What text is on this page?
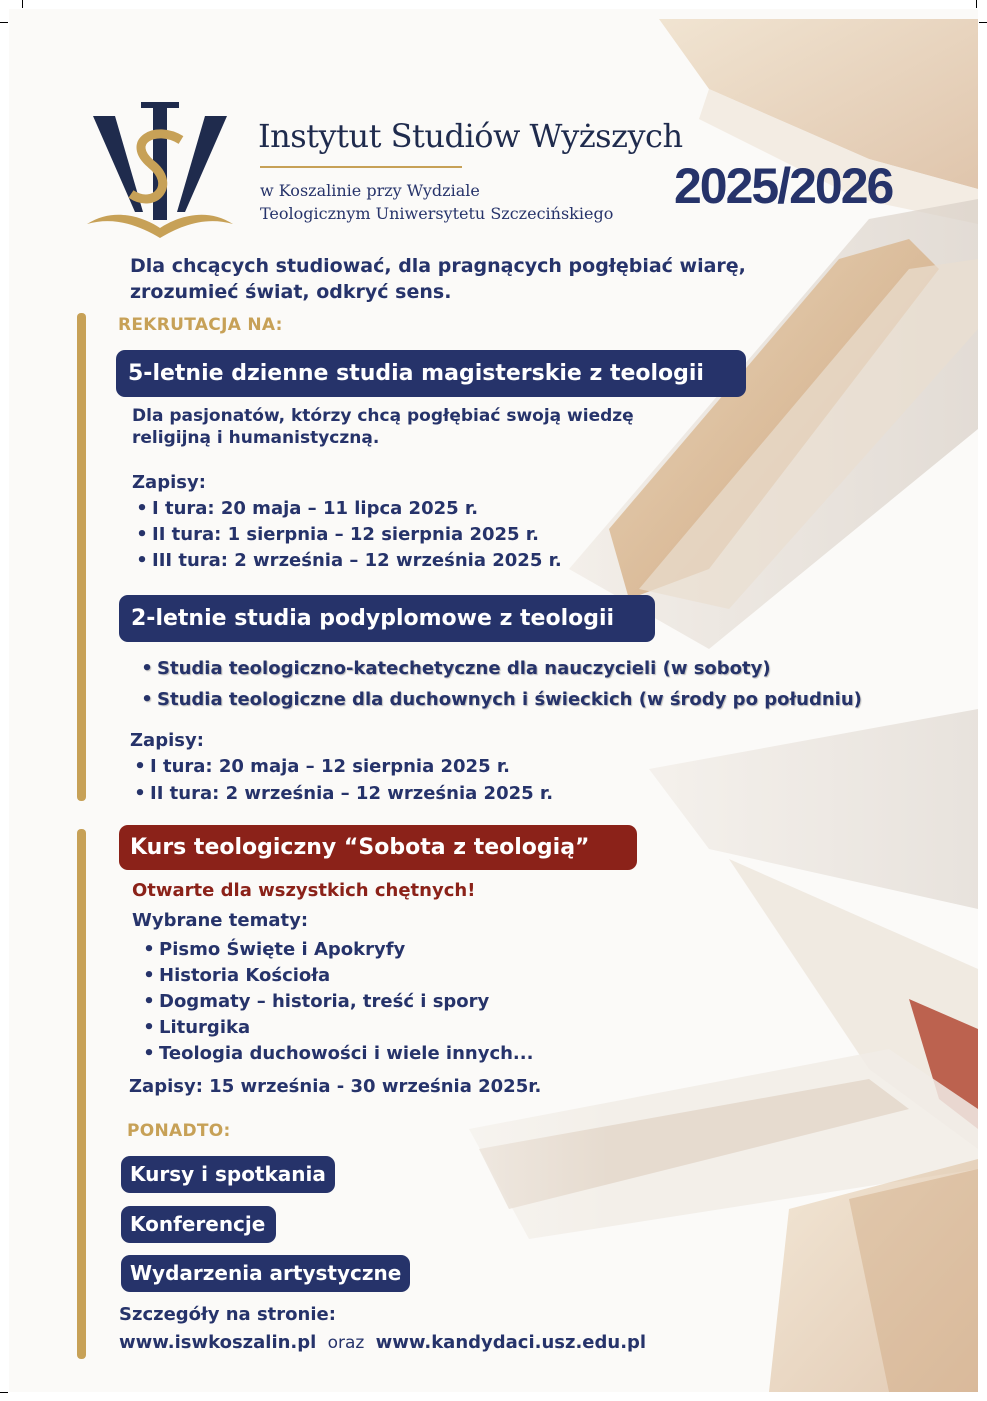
Instytut Studiów Wyższych
w Koszalinie przy Wydziale
Teologicznym Uniwersytetu Szczecińskiego 2025/2026
Dla chcących studiować, dla pragnących pogłębiać wiarę,
zrozumieć świat, odkryć sens.
REKRUTACJA NA:
5-letnie dzienne studia magisterskie z teologii
Dla pasjonatów, którzy chcą pogłębiać swoją wiedzę
religijną i humanistyczną.
Zapisy:
• I tura: 20 maja – 11 lipca 2025 r.
• II tura: 1 sierpnia – 12 sierpnia 2025 r.
• III tura: 2 września – 12 września 2025 r.
2-letnie studia podyplomowe z teologii
• Studia teologiczno-katechetyczne dla nauczycieli (w soboty)
• Studia teologiczne dla duchownych i świeckich (w środy po południu)
Zapisy:
• I tura: 20 maja – 12 sierpnia 2025 r.
• II tura: 2 września – 12 września 2025 r.
Kurs teologiczny “Sobota z teologią”
Otwarte dla wszystkich chętnych!
Wybrane tematy:
• Pismo Święte i Apokryfy
• Historia Kościoła
• Dogmaty – historia, treść i spory
• Liturgika
• Teologia duchowości i wiele innych...
Zapisy: 15 września - 30 września 2025r.
PONADTO:
Kursy i spotkania
Konferencje
Wydarzenia artystyczne
Szczegóły na stronie:
www.iswkoszalin.pl oraz www.kandydaci.usz.edu.pl
